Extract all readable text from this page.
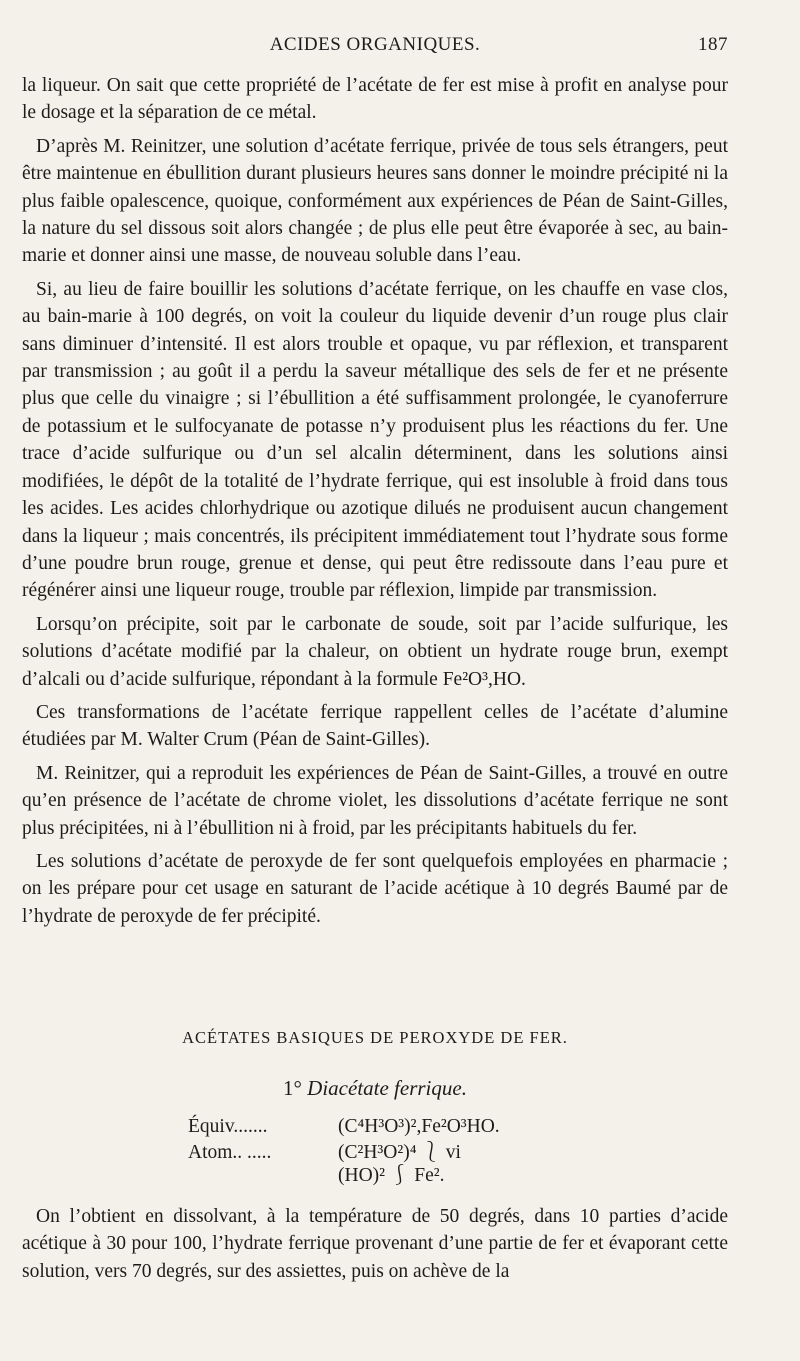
ACIDES ORGANIQUES.	187

la liqueur. On sait que cette propriété de l’acétate de fer est mise à profit en analyse pour le dosage et la séparation de ce métal.

D’après M. Reinitzer, une solution d’acétate ferrique, privée de tous sels étrangers, peut être maintenue en ébullition durant plusieurs heures sans donner le moindre précipité ni la plus faible opalescence, quoique, conformément aux expériences de Péan de Saint-Gilles, la nature du sel dissous soit alors changée ; de plus elle peut être évaporée à sec, au bain-marie et donner ainsi une masse, de nouveau soluble dans l’eau.

Si, au lieu de faire bouillir les solutions d’acétate ferrique, on les chauffe en vase clos, au bain-marie à 100 degrés, on voit la couleur du liquide devenir d’un rouge plus clair sans diminuer d’intensité. Il est alors trouble et opaque, vu par réflexion, et transparent par transmission ; au goût il a perdu la saveur métallique des sels de fer et ne présente plus que celle du vinaigre ; si l’ébullition a été suffisamment prolongée, le cyanoferrure de potassium et le sulfocyanate de potasse n’y produisent plus les réactions du fer. Une trace d’acide sulfurique ou d’un sel alcalin déterminent, dans les solutions ainsi modifiées, le dépôt de la totalité de l’hydrate ferrique, qui est insoluble à froid dans tous les acides. Les acides chlorhydrique ou azotique dilués ne produisent aucun changement dans la liqueur ; mais concentrés, ils précipitent immédiatement tout l’hydrate sous forme d’une poudre brun rouge, grenue et dense, qui peut être redissoute dans l’eau pure et régénérer ainsi une liqueur rouge, trouble par réflexion, limpide par transmission.

Lorsqu’on précipite, soit par le carbonate de soude, soit par l’acide sulfurique, les solutions d’acétate modifié par la chaleur, on obtient un hydrate rouge brun, exempt d’alcali ou d’acide sulfurique, répondant à la formule Fe²O³,HO.

Ces transformations de l’acétate ferrique rappellent celles de l’acétate d’alumine étudiées par M. Walter Crum (Péan de Saint-Gilles).

M. Reinitzer, qui a reproduit les expériences de Péan de Saint-Gilles, a trouvé en outre qu’en présence de l’acétate de chrome violet, les dissolutions d’acétate ferrique ne sont plus précipitées, ni à l’ébullition ni à froid, par les précipitants habituels du fer.

Les solutions d’acétate de peroxyde de fer sont quelquefois employées en pharmacie ; on les prépare pour cet usage en saturant de l’acide acétique à 10 degrés Baumé par de l’hydrate de peroxyde de fer précipité.

ACÉTATES BASIQUES DE PEROXYDE DE FER.
1° Diacétate ferrique.
Équiv.......	(C⁴H³O³)²,Fe²O³HO.
Atom.. .....	(C²H³O²)⁴ ⎱ vi
(HO)² ⎰ Fe².

On l’obtient en dissolvant, à la température de 50 degrés, dans 10 parties d’acide acétique à 30 pour 100, l’hydrate ferrique provenant d’une partie de fer et évaporant cette solution, vers 70 degrés, sur des assiettes, puis on achève de la
